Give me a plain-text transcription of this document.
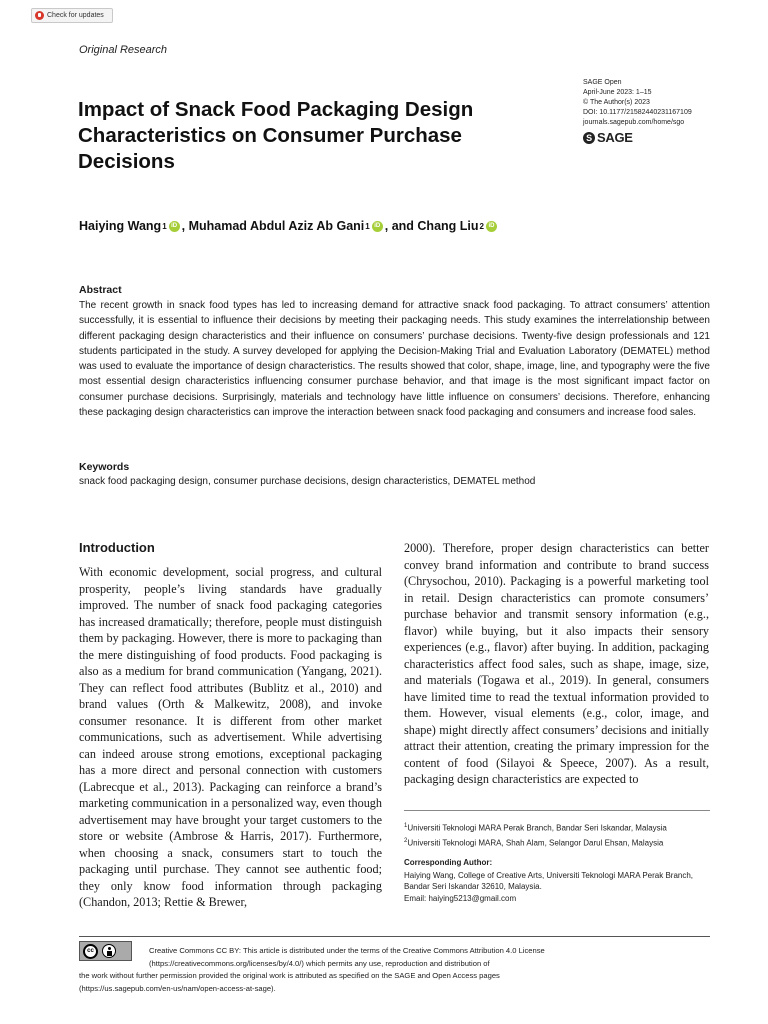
Check for updates
Original Research
SAGE Open
April-June 2023: 1–15
© The Author(s) 2023
DOI: 10.1177/21582440231167109
journals.sagepub.com/home/sgo
S SAGE
Impact of Snack Food Packaging Design Characteristics on Consumer Purchase Decisions
Haiying Wang 1 iD , Muhamad Abdul Aziz Ab Gani 1 iD , and Chang Liu 2 iD
Abstract

The recent growth in snack food types has led to increasing demand for attractive snack food packaging. To attract consumers’ attention successfully, it is essential to influence their decisions by meeting their packaging needs. This study examines the interrelationship between different packaging design characteristics and their influence on consumers’ purchase decisions. Twenty-five design professionals and 121 students participated in the study. A survey developed for applying the Decision-Making Trial and Evaluation Laboratory (DEMATEL) method was used to evaluate the importance of design characteristics. The results showed that color, shape, image, line, and typography were the five most essential design characteristics influencing consumer purchase behavior, and that image is the most significant impact factor on consumer purchase decisions. Surprisingly, materials and technology have little influence on consumers’ decisions. Therefore, enhancing these packaging design characteristics can improve the interaction between snack food packaging and consumers and increase food sales.

Keywords

snack food packaging design, consumer purchase decisions, design characteristics, DEMATEL method

Introduction
With economic development, social progress, and cultural prosperity, people’s living standards have gradually improved. The number of snack food packaging categories has increased dramatically; therefore, people must distinguish them by packaging. However, there is more to packaging than the mere distinguishing of food products. Food packaging is also as a medium for brand communication (Yangang, 2021). They can reflect food attributes (Bublitz et al., 2010) and brand values (Orth & Malkewitz, 2008), and invoke consumer resonance. It is different from other market communications, such as advertisement. While advertising can indeed arouse strong emotions, exceptional packaging has a more direct and personal connection with customers (Labrecque et al., 2013). Packaging can reinforce a brand’s marketing communication in a personalized way, even though advertisement may have brought your target customers to the store or website (Ambrose & Harris, 2017). Furthermore, when choosing a snack, consumers start to touch the packaging until purchase. They cannot see authentic food; they only know food information through packaging (Chandon, 2013; Rettie & Brewer,
2000). Therefore, proper design characteristics can better convey brand information and contribute to brand success (Chrysochou, 2010). Packaging is a powerful marketing tool in retail. Design characteristics can promote consumers’ purchase behavior and transmit sensory information (e.g., flavor) while buying, but it also impacts their sensory experiences (e.g., flavor) after buying. In addition, packaging characteristics affect food sales, such as shape, image, size, and materials (Togawa et al., 2019). In general, consumers have limited time to read the textual information provided to them. However, visual elements (e.g., color, image, and shape) might directly affect consumers’ decisions and initially attract their attention, creating the primary impression for the content of food (Silayoi & Speece, 2007). As a result, packaging design characteristics are expected to
$^1$Universiti Teknologi MARA Perak Branch, Bandar Seri Iskandar, Malaysia
$^2$Universiti Teknologi MARA, Shah Alam, Selangor Darul Ehsan, Malaysia
Corresponding Author:
Haiying Wang, College of Creative Arts, Universiti Teknologi MARA Perak Branch, Bandar Seri Iskandar 32610, Malaysia.
Email: haiying5213@gmail.com
cc	Creative Commons CC BY: This article is distributed under the terms of the Creative Commons Attribution 4.0 License
(https://creativecommons.org/licenses/by/4.0/) which permits any use, reproduction and distribution of
the work without further permission provided the original work is attributed as specified on the SAGE and Open Access pages
(https://us.sagepub.com/en-us/nam/open-access-at-sage).
